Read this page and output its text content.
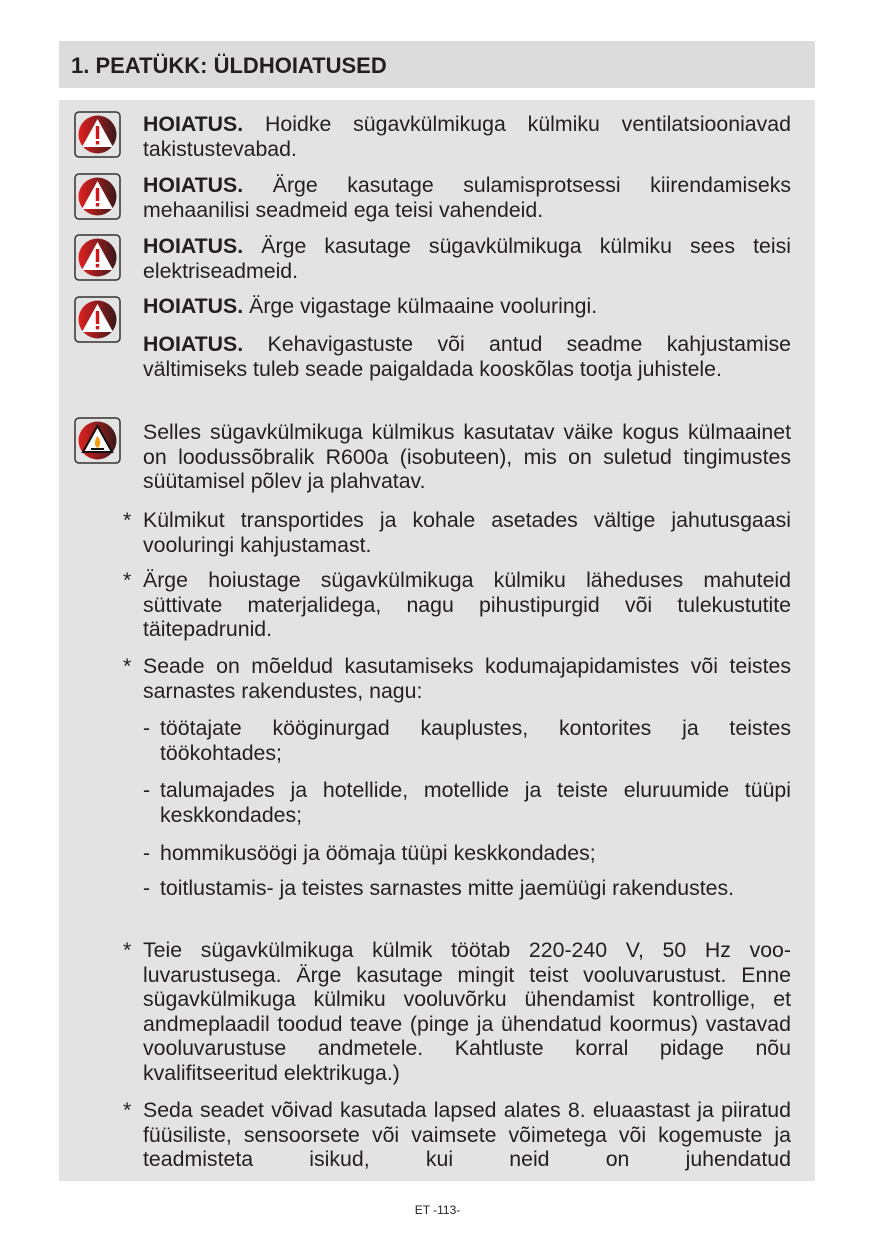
1. PEATÜKK: ÜLDHOIATUSED
HOIATUS. Hoidke sügavkülmikuga külmiku ventilatsiooniavad takistustevabad.
HOIATUS. Ärge kasutage sulamisprotsessi kiirendamiseks mehaanilisi seadmeid ega teisi vahendeid.
HOIATUS. Ärge kasutage sügavkülmikuga külmiku sees teisi elektriseadmeid.
HOIATUS. Ärge vigastage külmaaine vooluringi.
HOIATUS. Kehavigastuste või antud seadme kahjustamise vältimiseks tuleb seade paigaldada kooskõlas tootja juhistele.
Selles sügavkülmikuga külmikus kasutatav väike kogus külmaainet on loodussõbralik R600a (isobuteen), mis on suletud tingimustes süütamisel põlev ja plahvatav.
* Külmikut transportides ja kohale asetades vältige jahutusgaasi vooluringi kahjustamast.
* Ärge hoiustage sügavkülmikuga külmiku läheduses mahuteid süttivate materjalidega, nagu pihustipurgid või tulekustutite täitepadrunid.
* Seade on mõeldud kasutamiseks kodumajapidamistes või teistes sarnastes rakendustes, nagu:
- töötajate kööginurgad kauplustes, kontorites ja teistes töökohtades;
- talumajades ja hotellide, motellide ja teiste eluruumide tüüpi keskkondades;
- hommikusöögi ja öömaja tüüpi keskkondades;
- toitlustamis- ja teistes sarnastes mitte jaemüügi rakendustes.
* Teie sügavkülmikuga külmik töötab 220-240 V, 50 Hz vooluvarustusega. Ärge kasutage mingit teist vooluvarustust. Enne sügavkülmikuga külmiku vooluvõrku ühendamist kontrollige, et andmeplaadil toodud teave (pinge ja ühendatud koormus) vastavad vooluvarustuse andmetele. Kahtluste korral pidage nõu kvalifitseeritud elektrikuga.)
* Seda seadet võivad kasutada lapsed alates 8. eluaastast ja piiratud füüsiliste, sensoorsete või vaimsete võimetega või kogemuste ja teadmisteta isikud, kui neid on juhendatud
ET -113-
